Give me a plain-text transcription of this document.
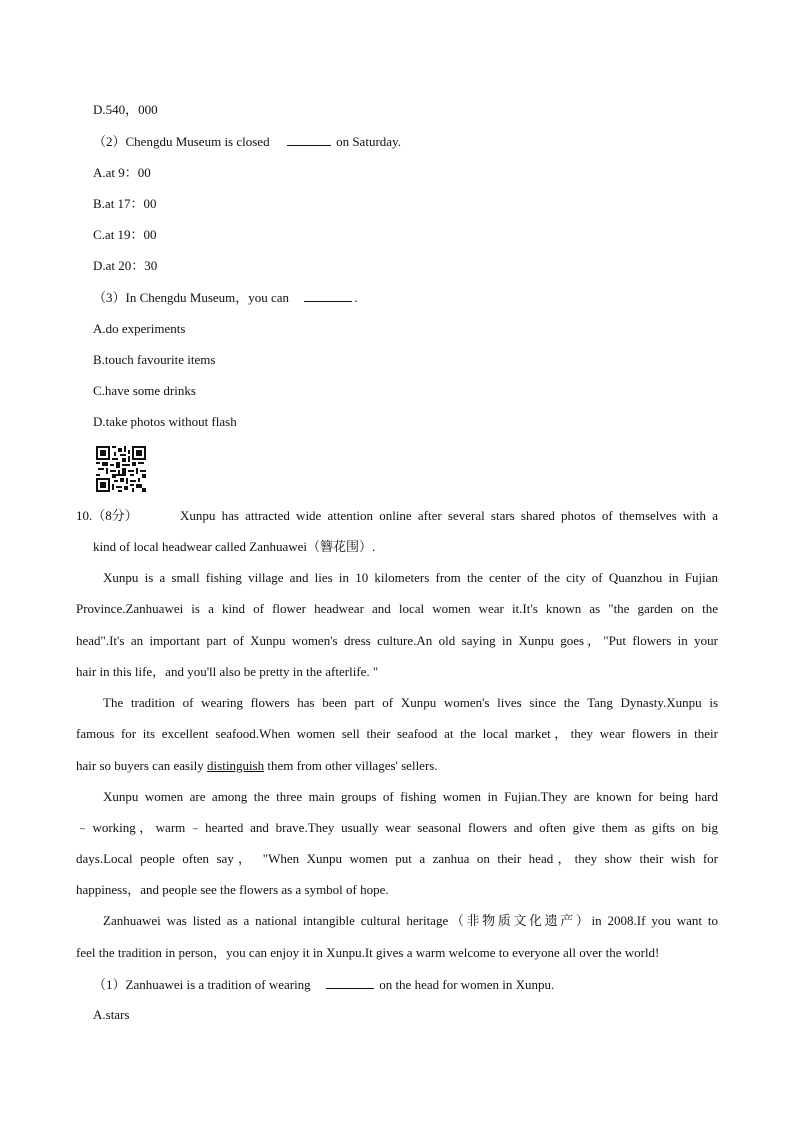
D.540，000
（2）Chengdu Museum is closed	on Saturday.
A.at 9：00
B.at 17：00
C.at 19：00
D.at 20：30
（3）In Chengdu Museum，you can	.
A.do experiments
B.touch favourite items
C.have some drinks
D.take photos without flash
10.（8分）	Xunpu has attracted wide attention online after several stars shared photos of themselves with a
kind of local headwear called Zanhuawei（簪花围）.
Xunpu is a small fishing village and lies in 10 kilometers from the center of the city of Quanzhou in Fujian
Province.Zanhuawei is a kind of flower headwear and local women wear it.It's known as "the garden on the
head".It's an important part of Xunpu women's dress culture.An old saying in Xunpu goes，"Put flowers in your
hair in this life，and you'll also be pretty in the afterlife. "
The tradition of wearing flowers has been part of Xunpu women's lives since the Tang Dynasty.Xunpu is
famous for its excellent seafood.When women sell their seafood at the local market，they wear flowers in their
hair so buyers can easily distinguish them from other villages' sellers.
Xunpu women are among the three main groups of fishing women in Fujian.They are known for being hard
﹣working，warm﹣hearted and brave.They usually wear seasonal flowers and often give them as gifts on big
days.Local people often say， "When Xunpu women put a zanhua on their head，they show their wish for
happiness，and people see the flowers as a symbol of hope.
Zanhuawei was listed as a national intangible cultural heritage（非物质文化遗产）in 2008.If you want to
feel the tradition in person，you can enjoy it in Xunpu.It gives a warm welcome to everyone all over the world!
（1）Zanhuawei is a tradition of wearing	on the head for women in Xunpu.
A.stars
